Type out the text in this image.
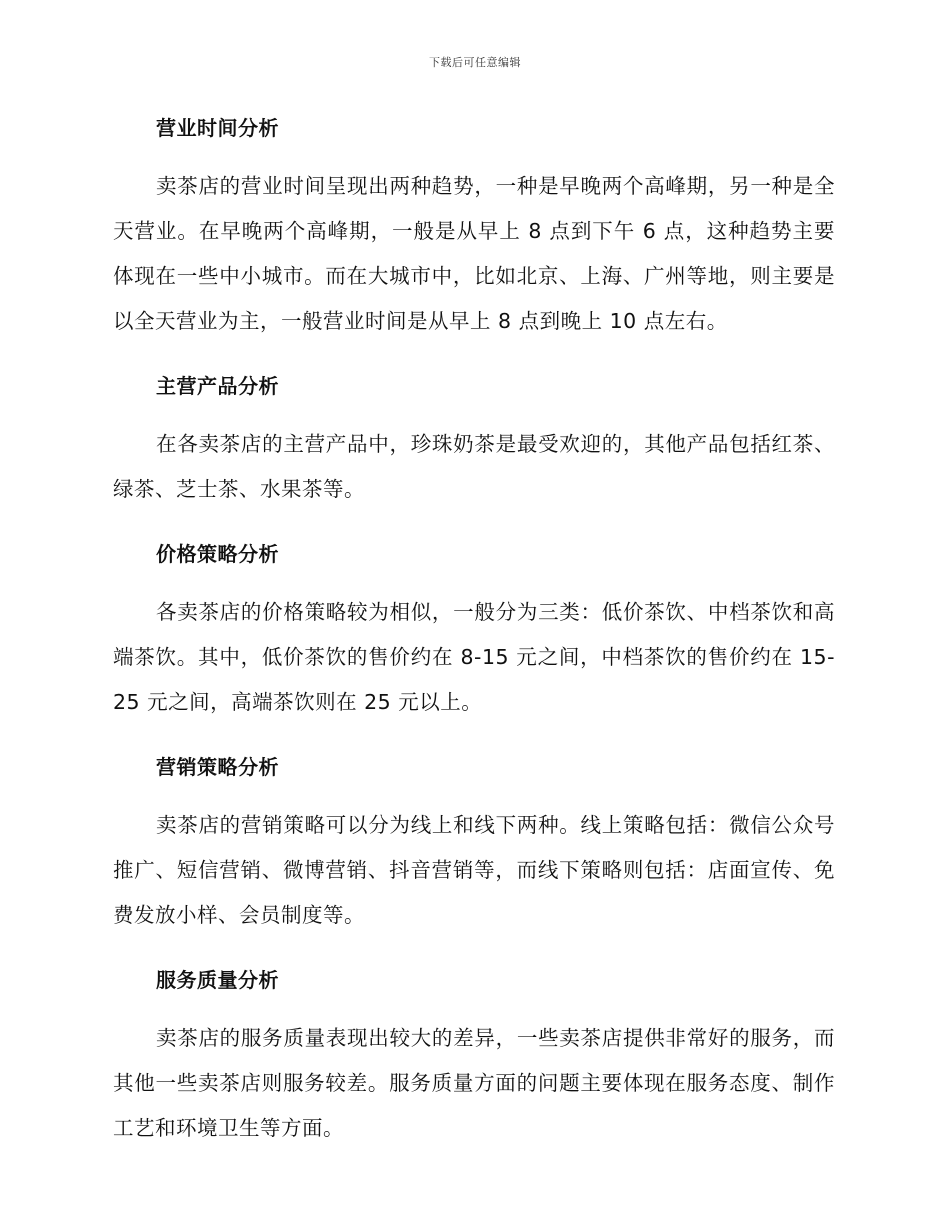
下载后可任意编辑
营业时间分析

卖茶店的营业时间呈现出两种趋势，一种是早晚两个高峰期，另一种是全天营业。在早晚两个高峰期，一般是从早上 8 点到下午 6 点，这种趋势主要体现在一些中小城市。而在大城市中，比如北京、上海、广州等地，则主要是以全天营业为主，一般营业时间是从早上 8 点到晚上 10 点左右。

主营产品分析

在各卖茶店的主营产品中，珍珠奶茶是最受欢迎的，其他产品包括红茶、绿茶、芝士茶、水果茶等。

价格策略分析

各卖茶店的价格策略较为相似，一般分为三类：低价茶饮、中档茶饮和高端茶饮。其中，低价茶饮的售价约在 8-15 元之间，中档茶饮的售价约在 15-25 元之间，高端茶饮则在 25 元以上。

营销策略分析

卖茶店的营销策略可以分为线上和线下两种。线上策略包括：微信公众号推广、短信营销、微博营销、抖音营销等，而线下策略则包括：店面宣传、免费发放小样、会员制度等。

服务质量分析

卖茶店的服务质量表现出较大的差异，一些卖茶店提供非常好的服务，而其他一些卖茶店则服务较差。服务质量方面的问题主要体现在服务态度、制作工艺和环境卫生等方面。
